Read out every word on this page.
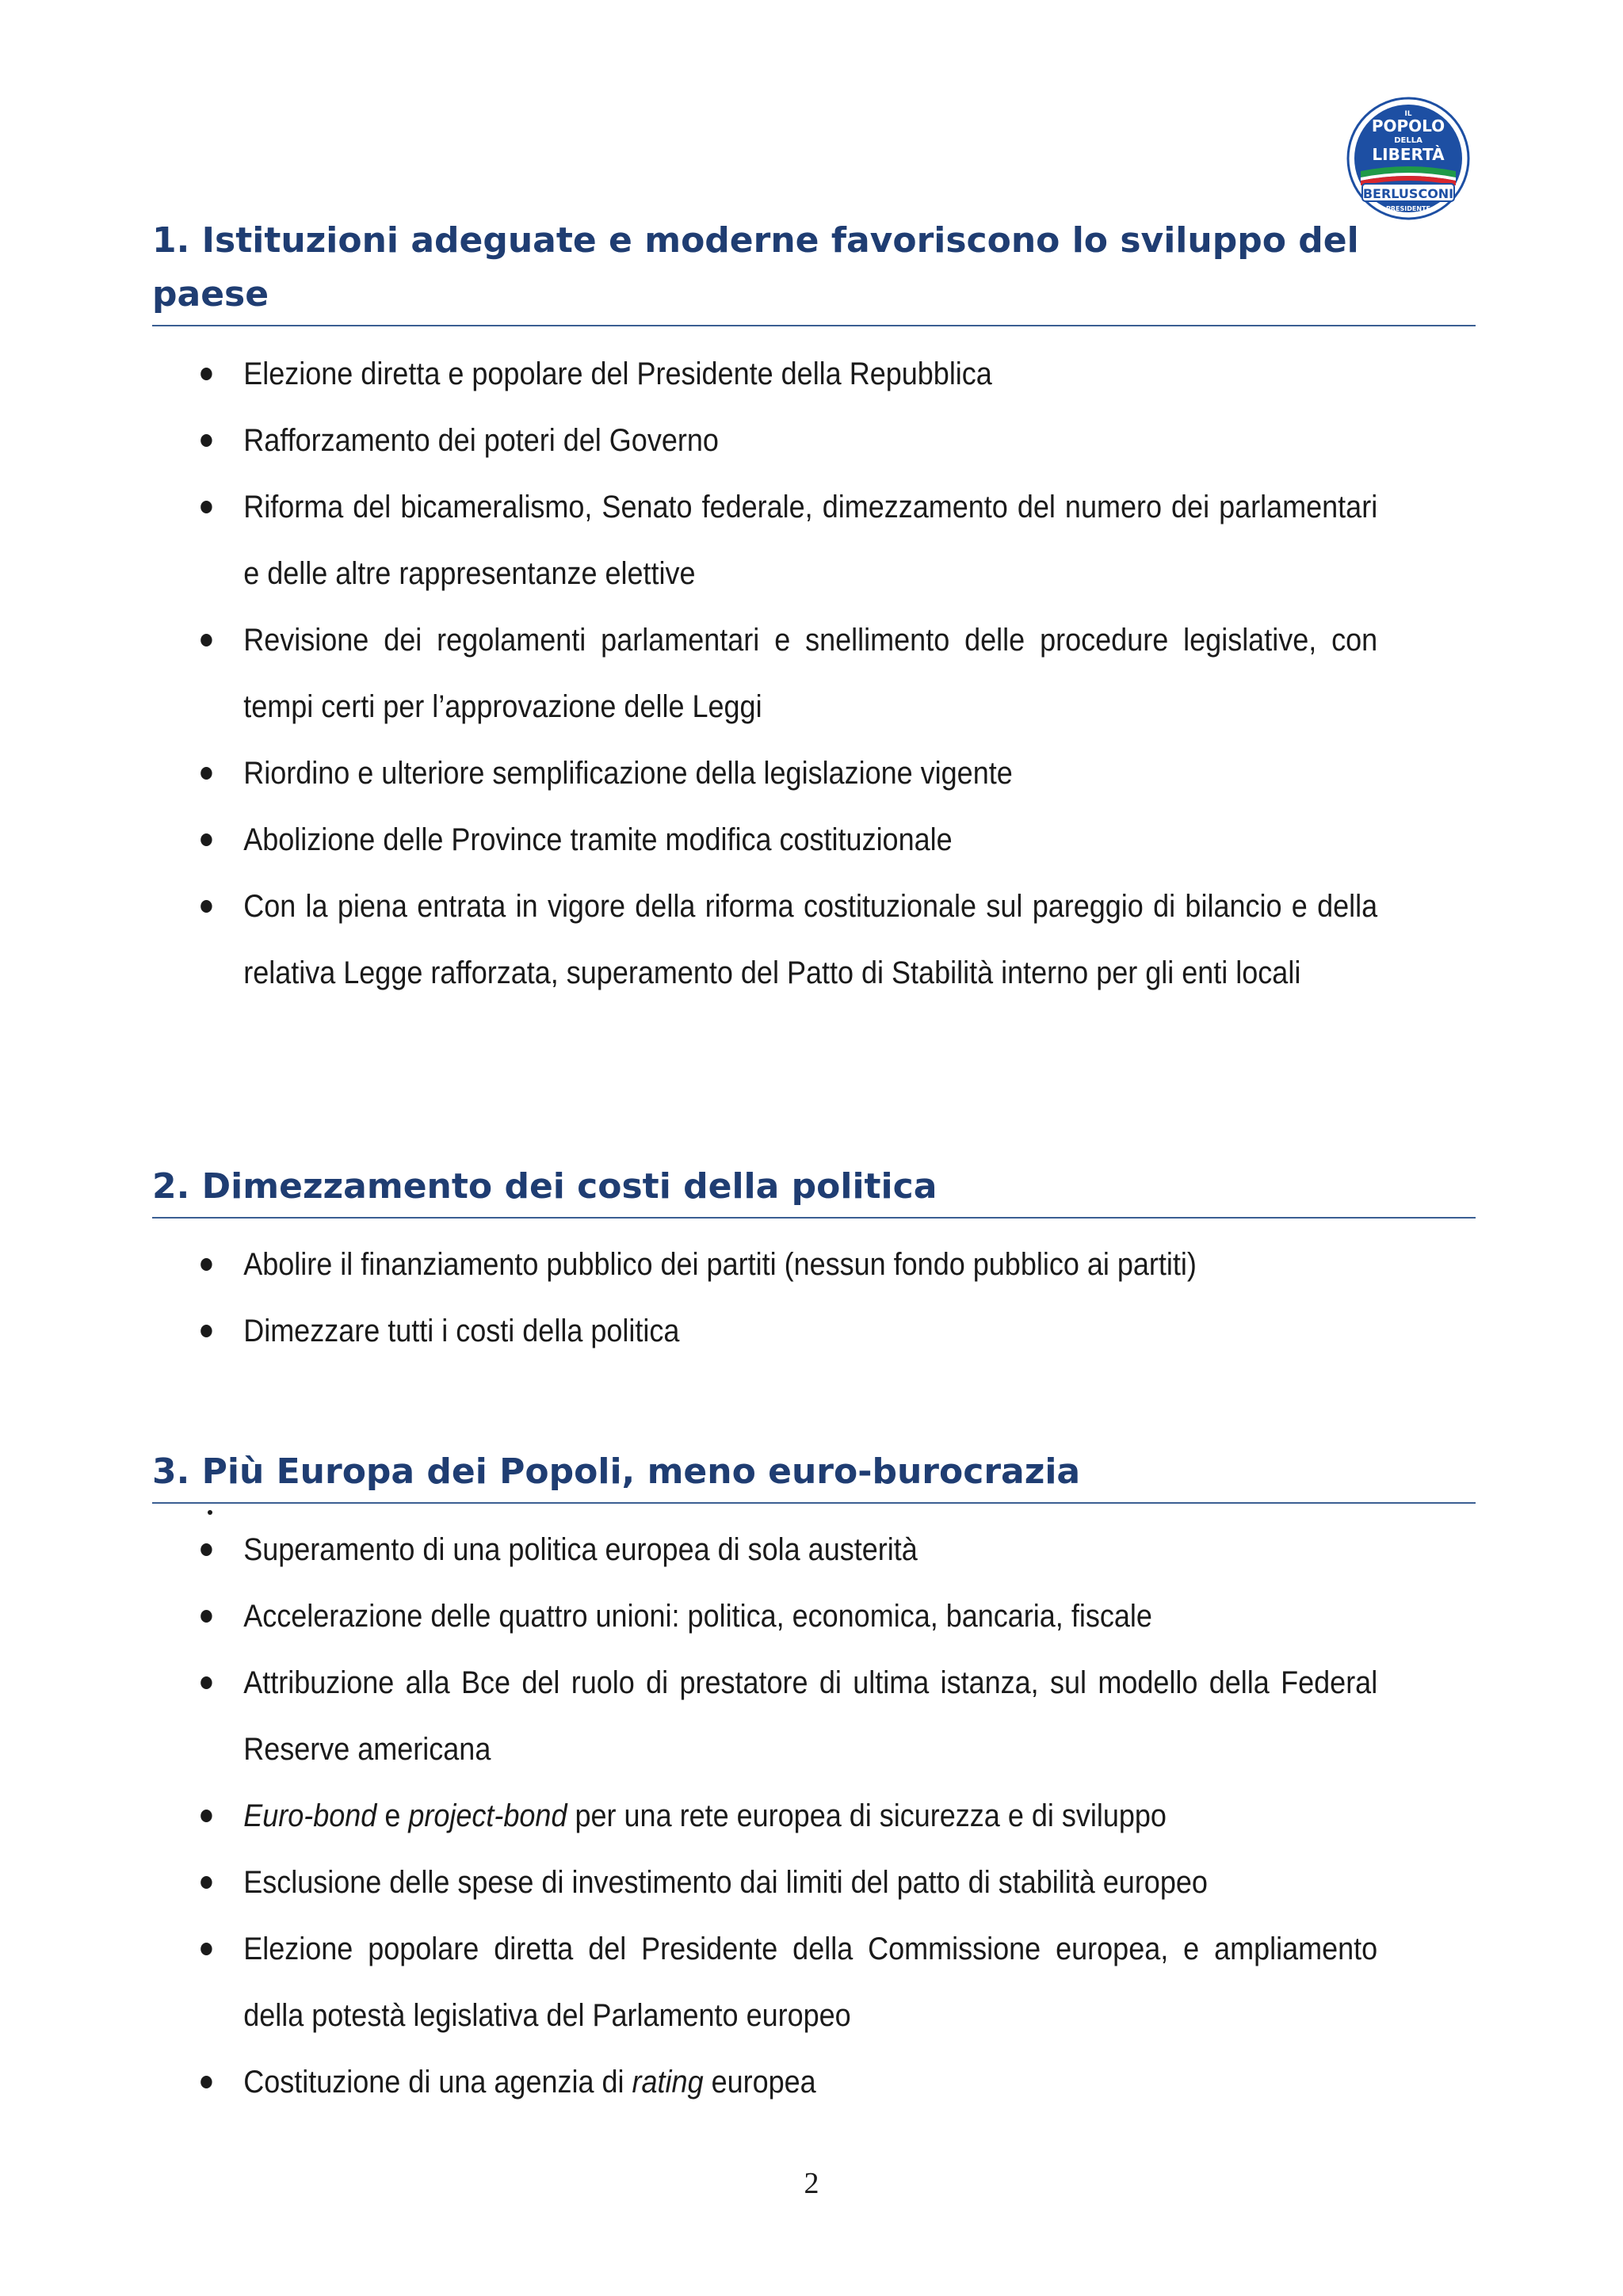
IL
POPOLO
DELLA
LIBERTÀ
BERLUSCONI
PRESIDENTE
1. Istituzioni adeguate e moderne favoriscono lo sviluppo del paese
Elezione diretta e popolare del Presidente della Repubblica
Rafforzamento dei poteri del Governo
Riforma del bicameralismo, Senato federale, dimezzamento del numero dei parlamentari e delle altre rappresentanze elettive
Revisione dei regolamenti parlamentari e snellimento delle procedure legislative, con tempi certi per l’approvazione delle Leggi
Riordino e ulteriore semplificazione della legislazione vigente
Abolizione delle Province tramite modifica costituzionale
Con la piena entrata in vigore della riforma costituzionale sul pareggio di bilancio e della relativa Legge rafforzata, superamento del Patto di Stabilità interno per gli enti locali
2. Dimezzamento dei costi della politica
Abolire il finanziamento pubblico dei partiti (nessun fondo pubblico ai partiti)
Dimezzare tutti i costi della politica
3. Più Europa dei Popoli, meno euro-burocrazia
Superamento di una politica europea di sola austerità
Accelerazione delle quattro unioni: politica, economica, bancaria, fiscale
Attribuzione alla Bce del ruolo di prestatore di ultima istanza, sul modello della Federal Reserve americana
Euro-bond e project-bond per una rete europea di sicurezza e di sviluppo
Esclusione delle spese di investimento dai limiti del patto di stabilità europeo
Elezione popolare diretta del Presidente della Commissione europea, e ampliamento della potestà legislativa del Parlamento europeo
Costituzione di una agenzia di rating europea
2
